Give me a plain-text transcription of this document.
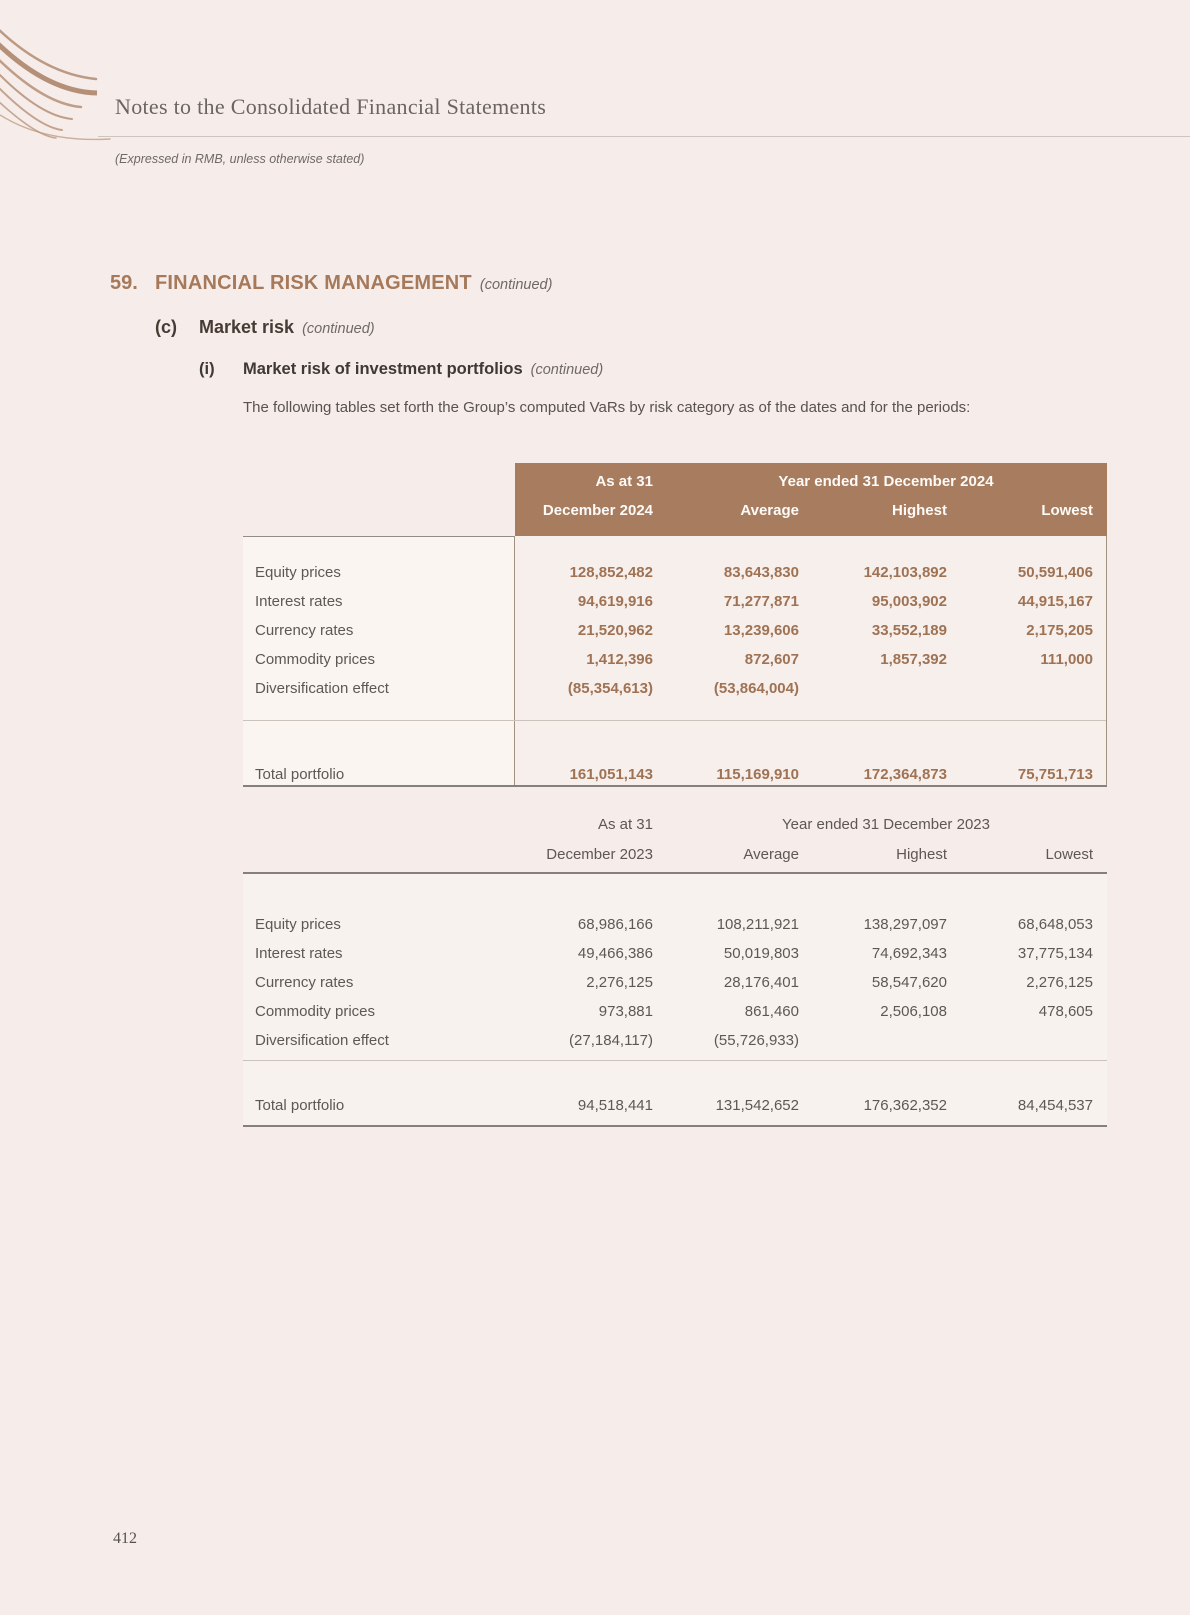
Notes to the Consolidated Financial Statements
(Expressed in RMB, unless otherwise stated)
59. FINANCIAL RISK MANAGEMENT (continued)
(c)	Market risk (continued)
(i)	Market risk of investment portfolios (continued)
The following tables set forth the Group’s computed VaRs by risk category as of the dates and for the periods:
As at 31	Year ended 31 December 2024
December 2024	Average	Highest	Lowest
Equity prices	128,852,482	83,643,830	142,103,892	50,591,406
Interest rates	94,619,916	71,277,871	95,003,902	44,915,167
Currency rates	21,520,962	13,239,606	33,552,189	2,175,205
Commodity prices	1,412,396	872,607	1,857,392	111,000
Diversification effect	(85,354,613)	(53,864,004)
Total portfolio	161,051,143	115,169,910	172,364,873	75,751,713
As at 31	Year ended 31 December 2023
December 2023	Average	Highest	Lowest
Equity prices	68,986,166	108,211,921	138,297,097	68,648,053
Interest rates	49,466,386	50,019,803	74,692,343	37,775,134
Currency rates	2,276,125	28,176,401	58,547,620	2,276,125
Commodity prices	973,881	861,460	2,506,108	478,605
Diversification effect	(27,184,117)	(55,726,933)
Total portfolio	94,518,441	131,542,652	176,362,352	84,454,537
412
